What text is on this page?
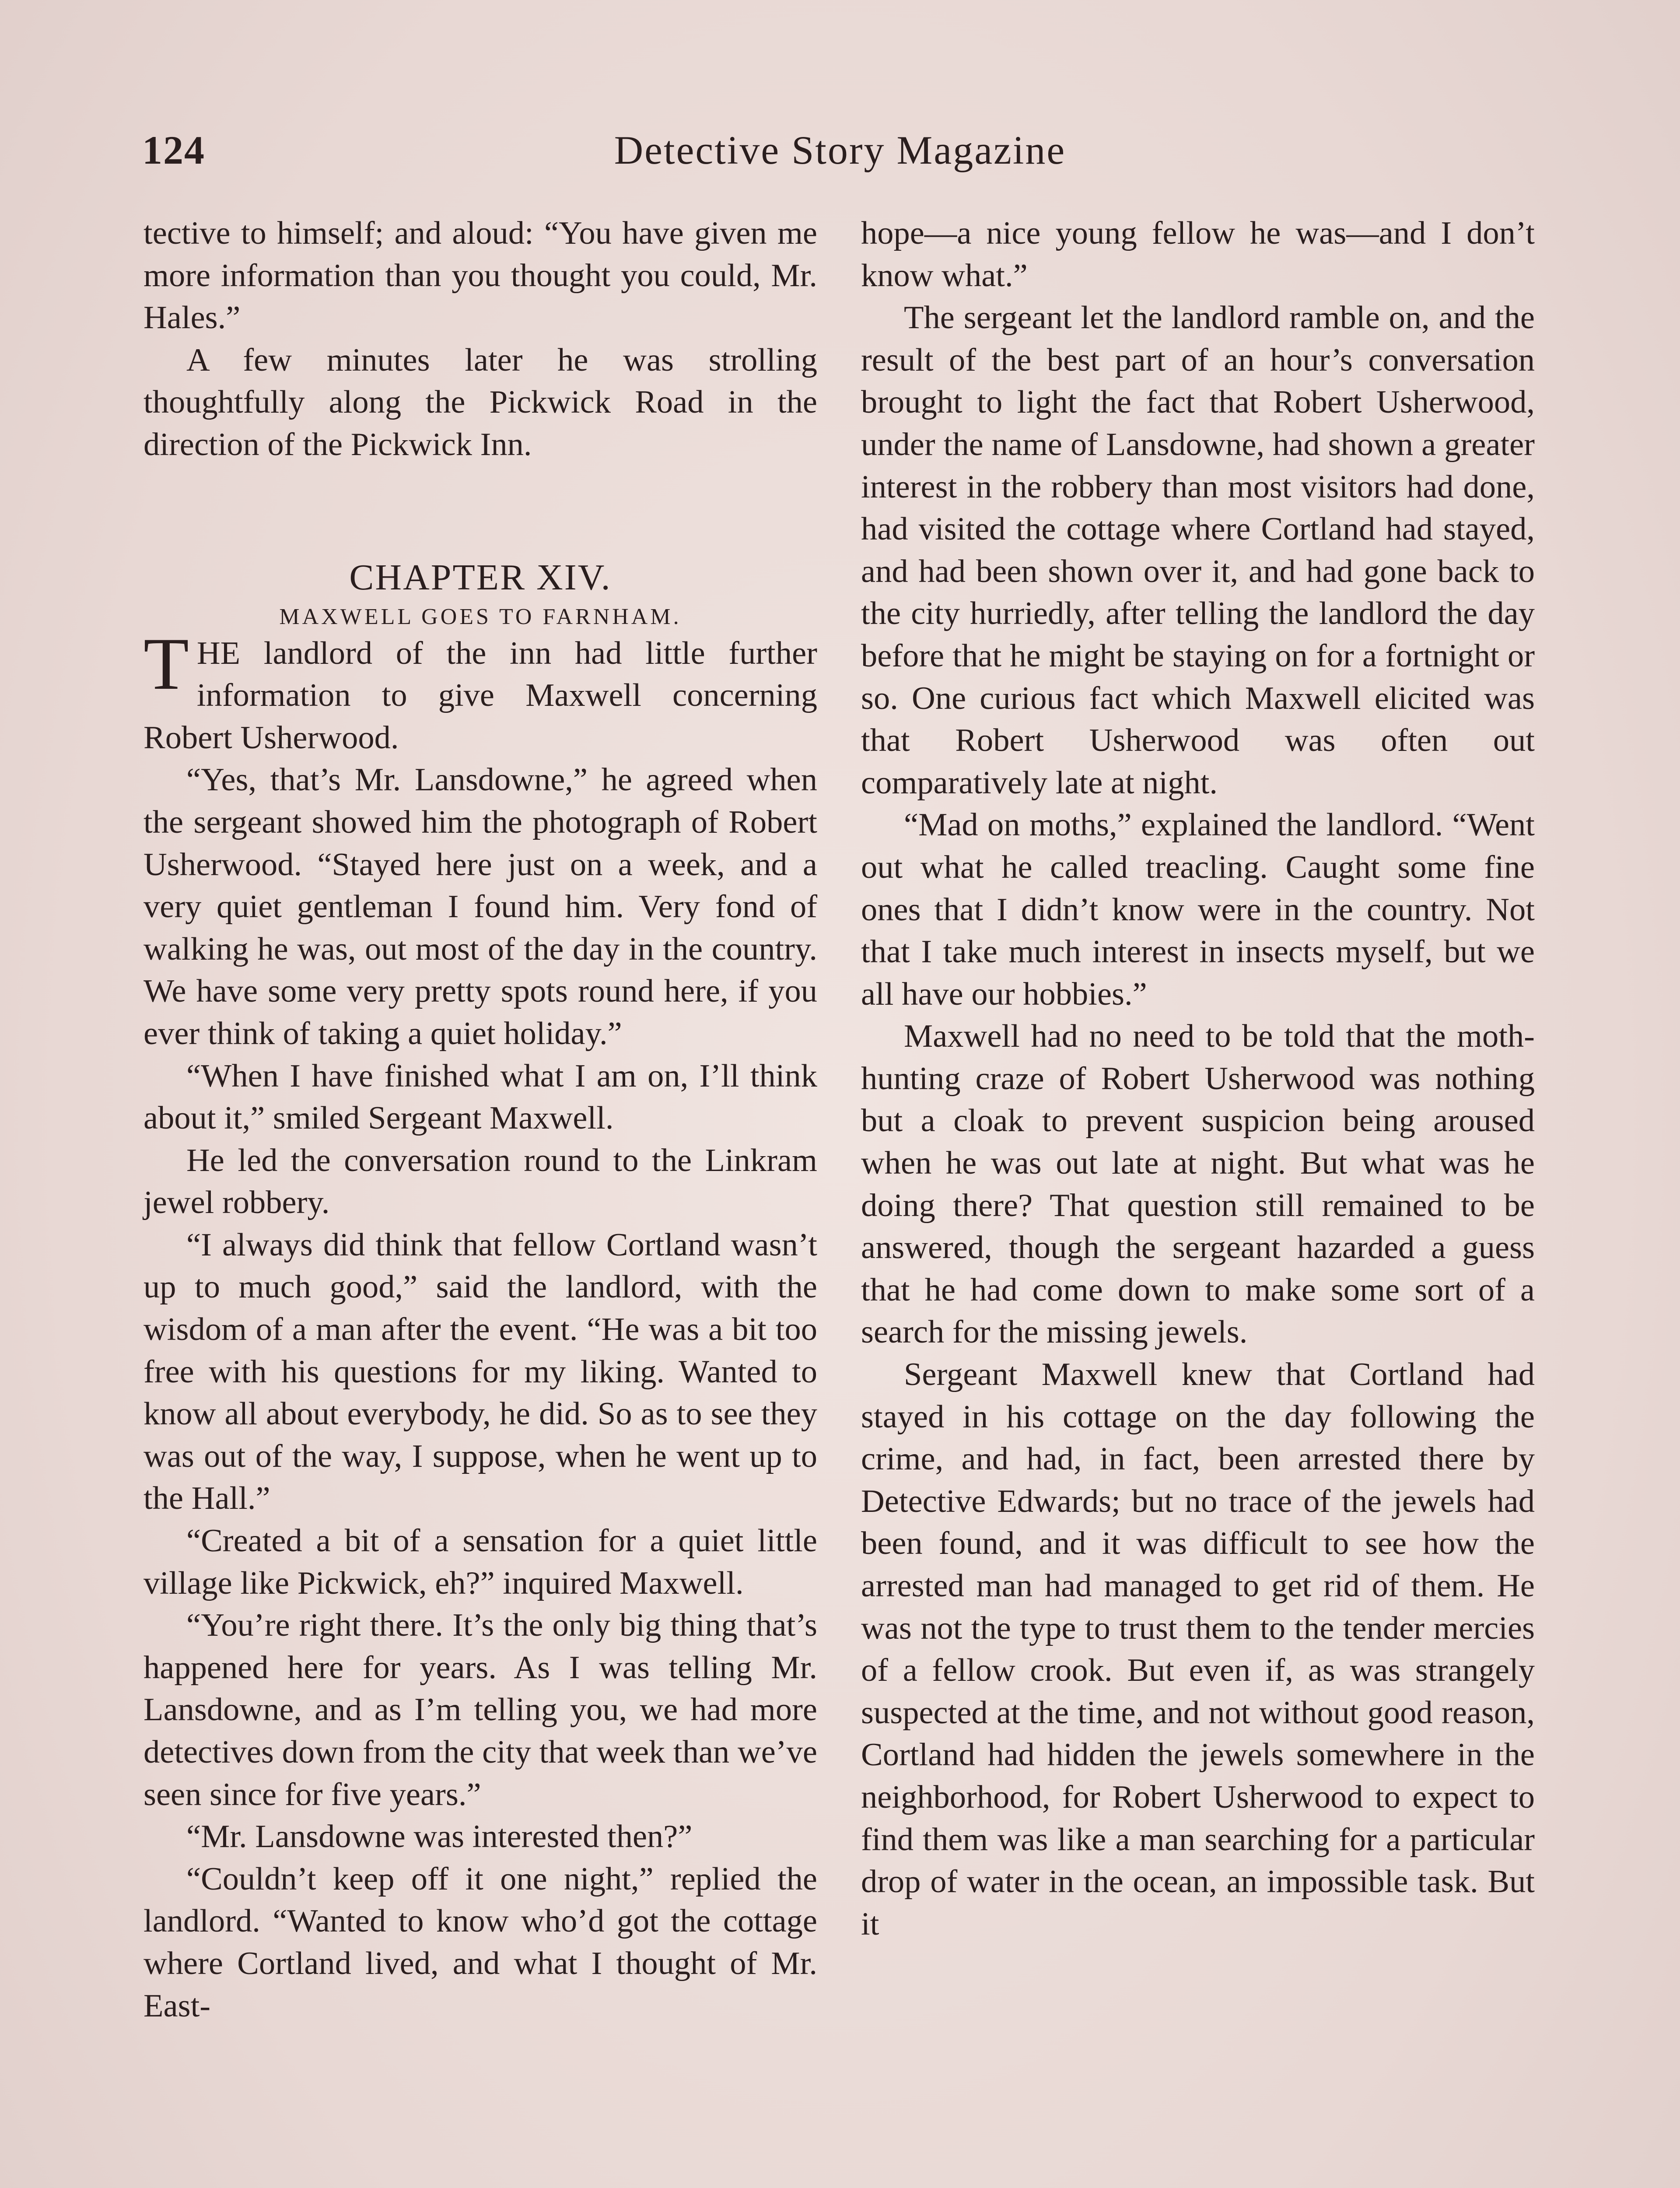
124	Detective Story Magazine

tective to himself; and aloud: “You have given me more information than you thought you could, Mr. Hales.”

A few minutes later he was strolling thoughtfully along the Pickwick Road in the direction of the Pickwick Inn.

CHAPTER XIV.

MAXWELL GOES TO FARNHAM.

THE landlord of the inn had little further information to give Maxwell concerning Robert Usherwood.

“Yes, that’s Mr. Lansdowne,” he agreed when the sergeant showed him the photograph of Robert Usherwood. “Stayed here just on a week, and a very quiet gentleman I found him. Very fond of walking he was, out most of the day in the country. We have some very pretty spots round here, if you ever think of taking a quiet holiday.”

“When I have finished what I am on, I’ll think about it,” smiled Sergeant Maxwell.

He led the conversation round to the Linkram jewel robbery.

“I always did think that fellow Cortland wasn’t up to much good,” said the landlord, with the wisdom of a man after the event. “He was a bit too free with his questions for my liking. Wanted to know all about everybody, he did. So as to see they was out of the way, I suppose, when he went up to the Hall.”

“Created a bit of a sensation for a quiet little village like Pickwick, eh?” inquired Maxwell.

“You’re right there. It’s the only big thing that’s happened here for years. As I was telling Mr. Lansdowne, and as I’m telling you, we had more detectives down from the city that week than we’ve seen since for five years.”

“Mr. Lansdowne was interested then?”

“Couldn’t keep off it one night,” replied the landlord. “Wanted to know who’d got the cottage where Cortland lived, and what I thought of Mr. East-

hope—a nice young fellow he was—and I don’t know what.”

The sergeant let the landlord ramble on, and the result of the best part of an hour’s conversation brought to light the fact that Robert Usherwood, under the name of Lansdowne, had shown a greater interest in the robbery than most visitors had done, had visited the cottage where Cortland had stayed, and had been shown over it, and had gone back to the city hurriedly, after telling the landlord the day before that he might be staying on for a fortnight or so. One curious fact which Maxwell elicited was that Robert Usherwood was often out comparatively late at night.

“Mad on moths,” explained the landlord. “Went out what he called treacling. Caught some fine ones that I didn’t know were in the country. Not that I take much interest in insects myself, but we all have our hobbies.”

Maxwell had no need to be told that the moth-hunting craze of Robert Usherwood was nothing but a cloak to prevent suspicion being aroused when he was out late at night. But what was he doing there? That question still remained to be answered, though the sergeant hazarded a guess that he had come down to make some sort of a search for the missing jewels.

Sergeant Maxwell knew that Cortland had stayed in his cottage on the day following the crime, and had, in fact, been arrested there by Detective Edwards; but no trace of the jewels had been found, and it was difficult to see how the arrested man had managed to get rid of them. He was not the type to trust them to the tender mercies of a fellow crook. But even if, as was strangely suspected at the time, and not without good reason, Cortland had hidden the jewels somewhere in the neighborhood, for Robert Usherwood to expect to find them was like a man searching for a particular drop of water in the ocean, an impossible task. But it
